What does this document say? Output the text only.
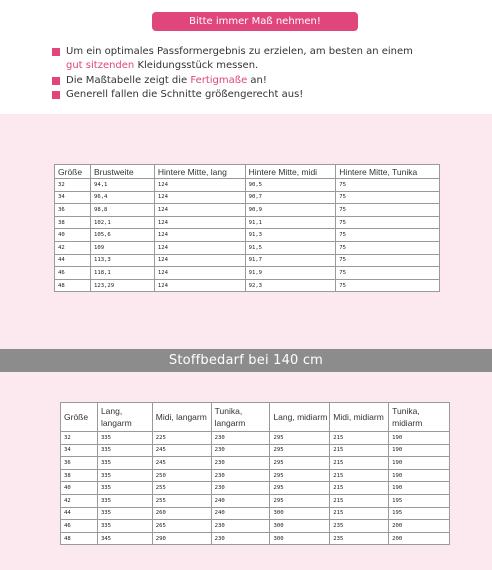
Bitte immer Maß nehmen!
Um ein optimales Passformergebnis zu erzielen, am besten an einem
gut sitzenden Kleidungsstück messen.
Die Maßtabelle zeigt die Fertigmaße an!
Generell fallen die Schnitte größengerecht aus!
Stoffbedarf bei 140 cm
Größe	Brustweite	Hintere Mitte, lang	Hintere Mitte, midi	Hintere Mitte, Tunika
32	94,1	124	90,5	75
34	96,4	124	90,7	75
36	98,8	124	90,9	75
38	102,1	124	91,1	75
40	105,6	124	91,3	75
42	109	124	91,5	75
44	113,3	124	91,7	75
46	118,1	124	91,9	75
48	123,29	124	92,3	75
Größe	Lang, langarm	Midi, langarm	Tunika, langarm	Lang, midiarm	Midi, midiarm	Tunika, midiarm
32	335	225	230	295	215	190
34	335	245	230	295	215	190
36	335	245	230	295	215	190
38	335	250	230	295	215	190
40	335	255	230	295	215	190
42	335	255	240	295	215	195
44	335	260	240	300	215	195
46	335	265	230	300	235	200
48	345	290	230	300	235	200
